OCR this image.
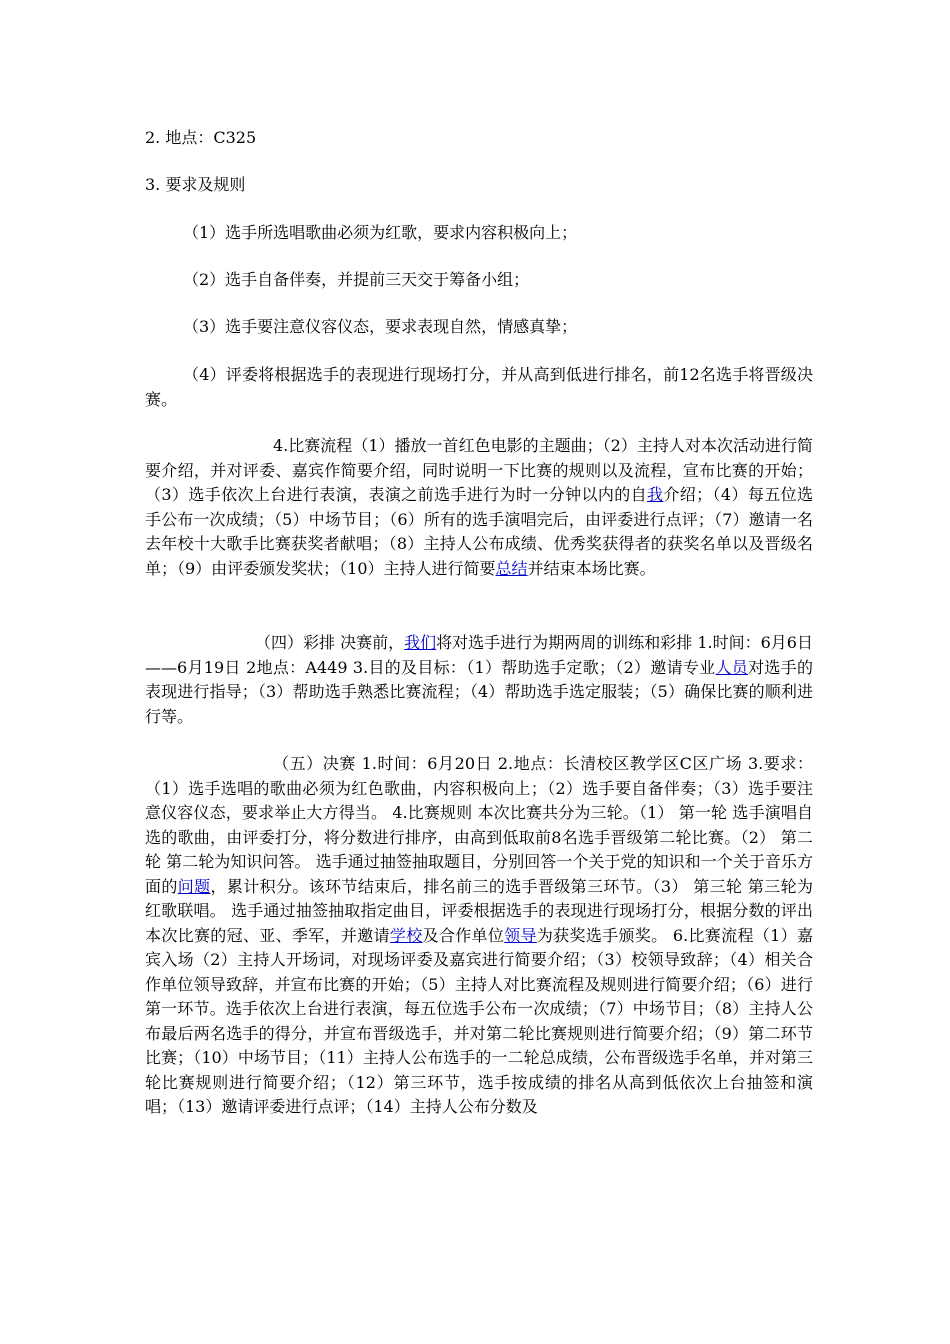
2. 地点：C325
3. 要求及规则
（1）选手所选唱歌曲必须为红歌，要求内容积极向上；
（2）选手自备伴奏，并提前三天交于筹备小组；
（3）选手要注意仪容仪态，要求表现自然，情感真挚；
（4）评委将根据选手的表现进行现场打分，并从高到低进行排名，前12名选手将晋级决赛。
4.比赛流程（1）播放一首红色电影的主题曲；（2）主持人对本次活动进行简要介绍，并对评委、嘉宾作简要介绍，同时说明一下比赛的规则以及流程，宣布比赛的开始；（3）选手依次上台进行表演，表演之前选手进行为时一分钟以内的自我介绍；（4）每五位选手公布一次成绩；（5）中场节目；（6）所有的选手演唱完后，由评委进行点评；（7）邀请一名去年校十大歌手比赛获奖者献唱；（8）主持人公布成绩、优秀奖获得者的获奖名单以及晋级名单；（9）由评委颁发奖状；（10）主持人进行简要总结并结束本场比赛。
（四）彩排 决赛前，我们将对选手进行为期两周的训练和彩排 1.时间：6月6日——6月19日 2地点：A449 3.目的及目标：（1）帮助选手定歌；（2）邀请专业人员对选手的表现进行指导；（3）帮助选手熟悉比赛流程；（4）帮助选手选定服装；（5）确保比赛的顺利进行等。
（五）决赛 1.时间：6月20日 2.地点：长清校区教学区C区广场 3.要求：（1）选手选唱的歌曲必须为红色歌曲，内容积极向上；（2）选手要自备伴奏；（3）选手要注意仪容仪态，要求举止大方得当。 4.比赛规则 本次比赛共分为三轮。（1） 第一轮 选手演唱自选的歌曲，由评委打分，将分数进行排序，由高到低取前8名选手晋级第二轮比赛。（2） 第二轮 第二轮为知识问答。 选手通过抽签抽取题目，分别回答一个关于党的知识和一个关于音乐方面的问题，累计积分。该环节结束后，排名前三的选手晋级第三环节。（3） 第三轮 第三轮为红歌联唱。 选手通过抽签抽取指定曲目，评委根据选手的表现进行现场打分，根据分数的评出本次比赛的冠、亚、季军，并邀请学校及合作单位领导为获奖选手颁奖。 6.比赛流程（1）嘉宾入场（2）主持人开场词，对现场评委及嘉宾进行简要介绍；（3）校领导致辞；（4）相关合作单位领导致辞，并宣布比赛的开始；（5）主持人对比赛流程及规则进行简要介绍；（6）进行第一环节。选手依次上台进行表演，每五位选手公布一次成绩；（7）中场节目；（8）主持人公布最后两名选手的得分，并宣布晋级选手，并对第二轮比赛规则进行简要介绍；（9）第二环节比赛；（10）中场节目；（11）主持人公布选手的一二轮总成绩，公布晋级选手名单，并对第三轮比赛规则进行简要介绍；（12）第三环节，选手按成绩的排名从高到低依次上台抽签和演唱；（13）邀请评委进行点评；（14）主持人公布分数及
